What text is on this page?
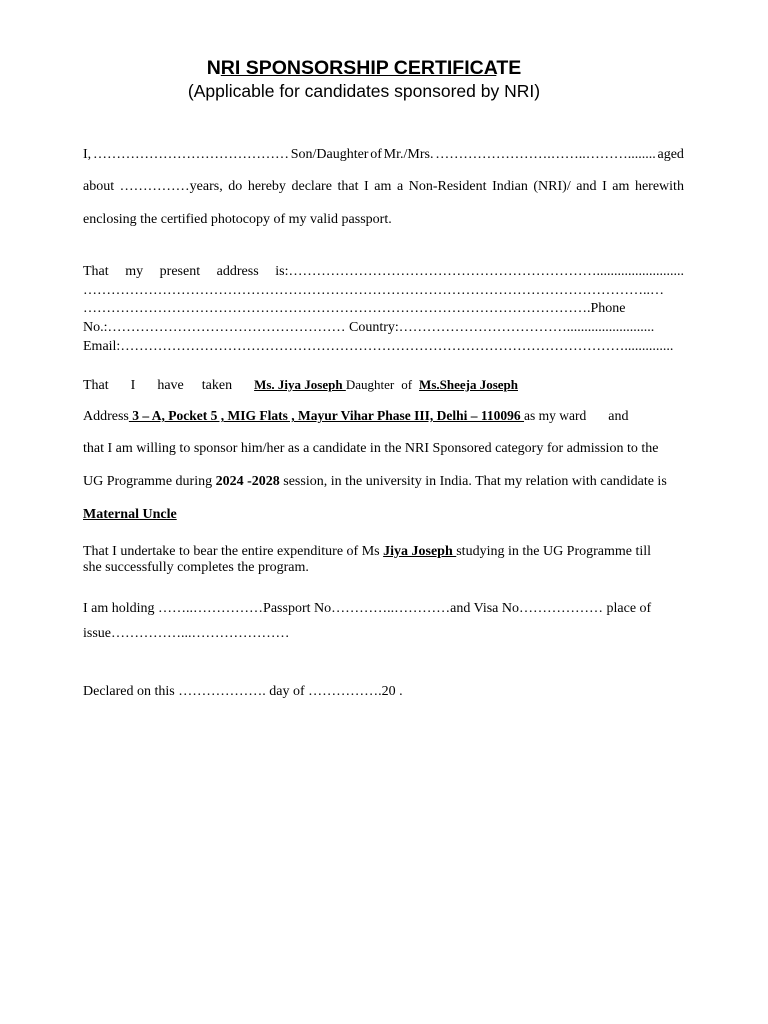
NRI SPONSORSHIP CERTIFICATE
(Applicable for candidates sponsored by NRI)
I, …………………………………… Son/Daughter of Mr./Mrs. …………………….……..………........ aged
about ……………years, do hereby declare that I am a Non-Resident Indian (NRI)/ and I am herewith
enclosing the certified photocopy of my valid passport.
That my present address is:………………………………………………………….........................
…………………………………………………………………………………………………………..…
……………………………………………………………………………………………….Phone
No.:…………………………………………… Country:……………………………….........................
Email:………………………………………………………………………………………………..............
That I have taken Ms. Jiya Joseph Daughter of Ms.Sheeja Joseph
Address 3 – A, Pocket 5 , MIG Flats , Mayur Vihar Phase III, Delhi – 110096 as my ward and
that I am willing to sponsor him/her as a candidate in the NRI Sponsored category for admission to the
UG Programme during 2024 -2028 session, in the university in India. That my relation with candidate is
Maternal Uncle
That I undertake to bear the entire expenditure of Ms Jiya Joseph studying in the UG Programme till
she successfully completes the program.
I am holding ……..……………Passport No…………..…………and Visa No……………… place of
issue……………...…………………
Declared on this ………………. day of …………….20 .
